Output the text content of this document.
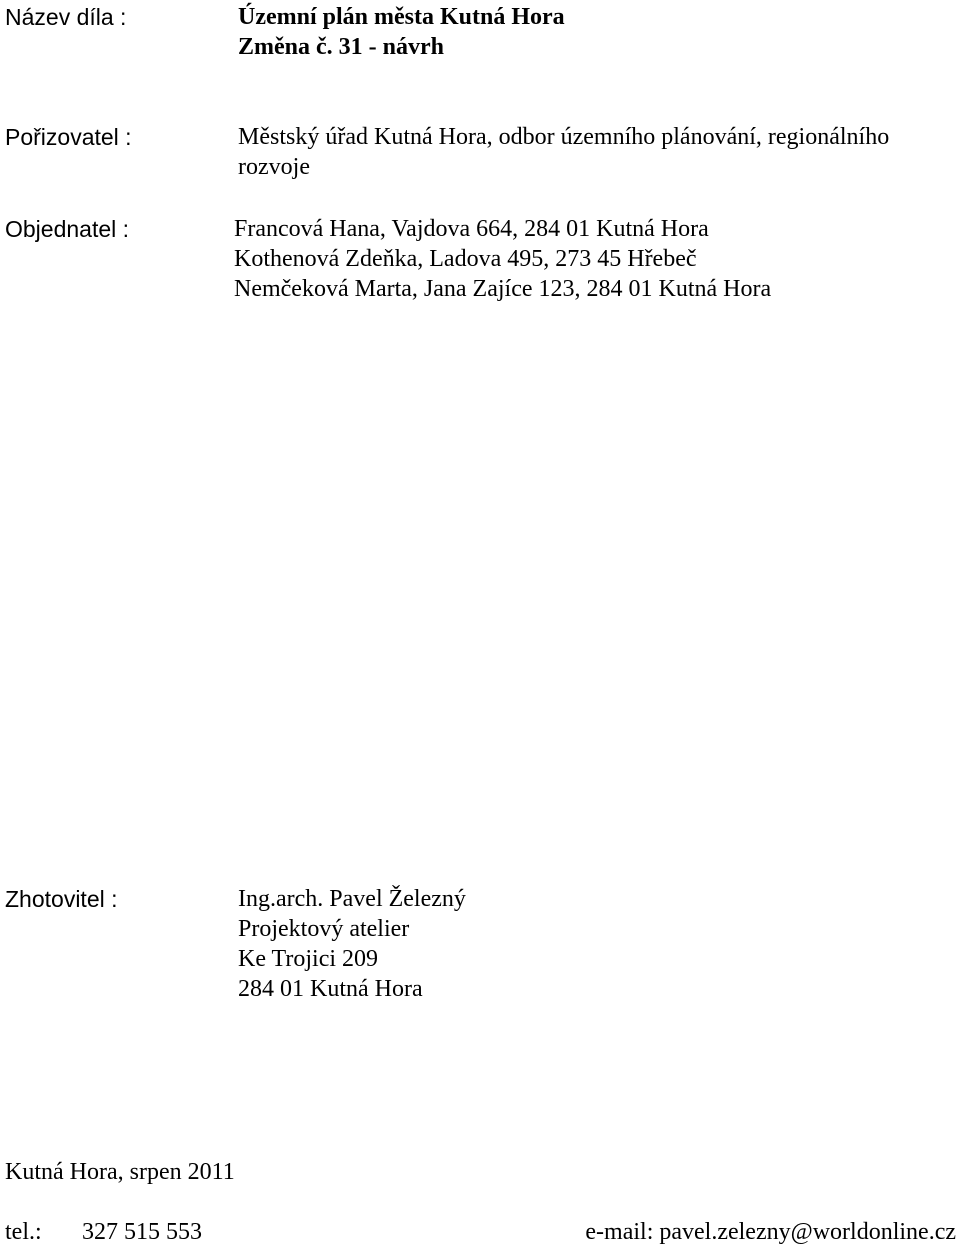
Název díla :	Územní plán města Kutná Hora
Změna č. 31 - návrh
Pořizovatel :	Městský úřad Kutná Hora, odbor územního plánování, regionálního
rozvoje
Objednatel :	Francová Hana, Vajdova 664, 284 01 Kutná Hora
Kothenová Zdeňka, Ladova 495, 273 45 Hřebeč
Nemčeková Marta, Jana Zajíce 123, 284 01 Kutná Hora
Zhotovitel :	Ing.arch. Pavel Železný
Projektový atelier
Ke Trojici 209
284 01 Kutná Hora
Kutná Hora, srpen 2011
tel.: 327 515 553	e-mail: pavel.zelezny@worldonline.cz
